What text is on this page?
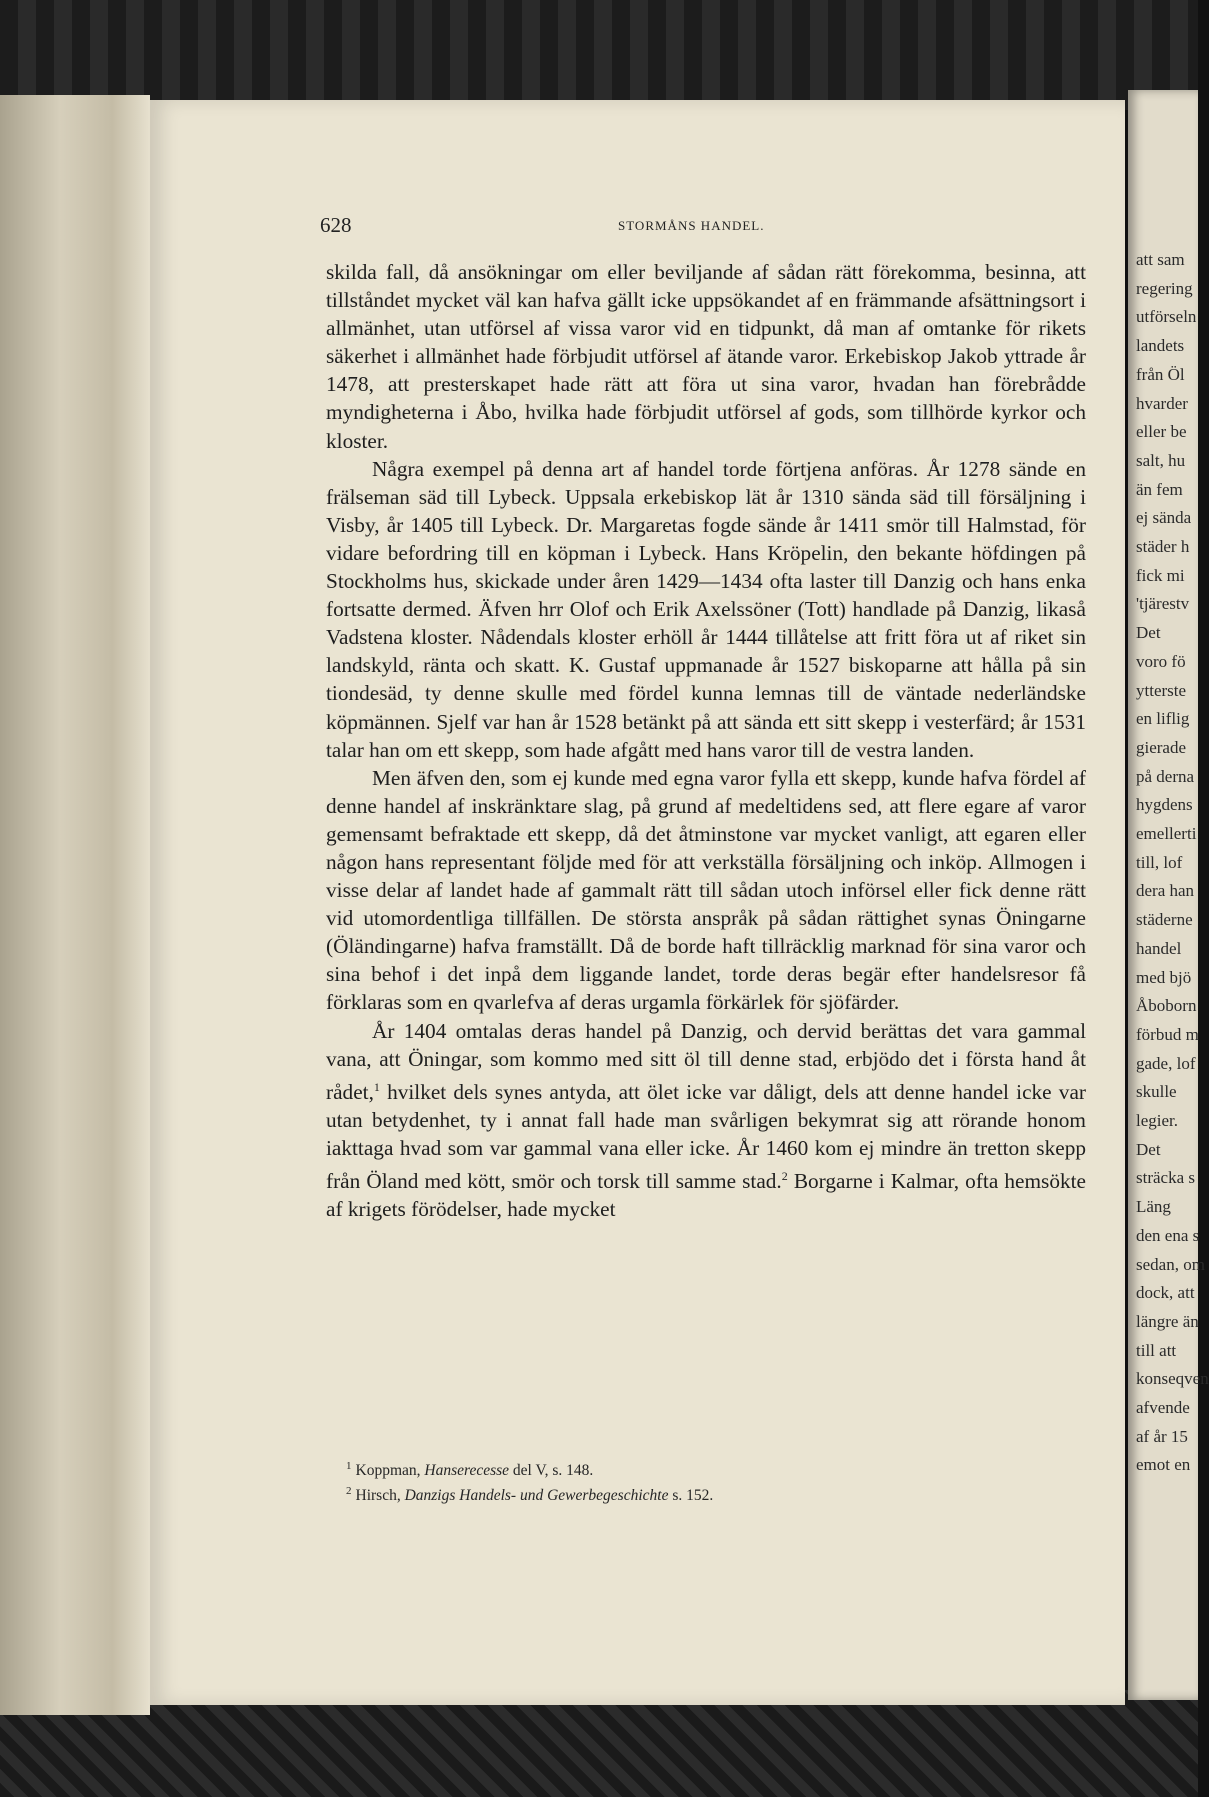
att sam
regering
utförseln
landets
från Öl
hvarder
eller be
salt, hu
än fem
ej sända
städer h
fick mi
'tjärestv
Det
voro fö
ytterste
en liflig
gierade
på derna
hygdens
emellerti
till, lof
dera han
städerne
handel
med bjö
Åboborn
förbud m
gade, lof
skulle
legier.
Det
sträcka s
Läng
den ena s
sedan, om
dock, att
längre än
till att
konseqven
afvende
af år 15
emot en
628	STORMÅNS HANDEL.

skilda fall, då ansökningar om eller beviljande af sådan rätt förekomma, besinna, att tillståndet mycket väl kan hafva gällt icke uppsökandet af en främmande afsättningsort i allmänhet, utan utförsel af vissa varor vid en tidpunkt, då man af omtanke för rikets säkerhet i allmänhet hade förbjudit utförsel af ätande varor. Erkebiskop Jakob yttrade år 1478, att presterskapet hade rätt att föra ut sina varor, hvadan han förebrådde myndigheterna i Åbo, hvilka hade förbjudit utförsel af gods, som tillhörde kyrkor och kloster.

Några exempel på denna art af handel torde förtjena anföras. År 1278 sände en frälseman säd till Lybeck. Uppsala erkebiskop lät år 1310 sända säd till försäljning i Visby, år 1405 till Lybeck. Dr. Margaretas fogde sände år 1411 smör till Halmstad, för vidare befordring till en köpman i Lybeck. Hans Kröpelin, den bekante höfdingen på Stockholms hus, skickade under åren 1429—1434 ofta laster till Danzig och hans enka fortsatte dermed. Äfven hrr Olof och Erik Axelssöner (Tott) handlade på Danzig, likaså Vadstena kloster. Nådendals kloster erhöll år 1444 tillåtelse att fritt föra ut af riket sin landskyld, ränta och skatt. K. Gustaf uppmanade år 1527 biskoparne att hålla på sin tiondesäd, ty denne skulle med fördel kunna lemnas till de väntade nederländske köpmännen. Sjelf var han år 1528 betänkt på att sända ett sitt skepp i vesterfärd; år 1531 talar han om ett skepp, som hade afgått med hans varor till de vestra landen.

Men äfven den, som ej kunde med egna varor fylla ett skepp, kunde hafva fördel af denne handel af inskränktare slag, på grund af medeltidens sed, att flere egare af varor gemensamt befraktade ett skepp, då det åtminstone var mycket vanligt, att egaren eller någon hans representant följde med för att verkställa försäljning och inköp. Allmogen i visse delar af landet hade af gammalt rätt till sådan utoch införsel eller fick denne rätt vid utomordentliga tillfällen. De största anspråk på sådan rättighet synas Öningarne (Öländingarne) hafva framställt. Då de borde haft tillräcklig marknad för sina varor och sina behof i det inpå dem liggande landet, torde deras begär efter handelsresor få förklaras som en qvarlefva af deras urgamla förkärlek för sjöfärder.

År 1404 omtalas deras handel på Danzig, och dervid berättas det vara gammal vana, att Öningar, som kommo med sitt öl till denne stad, erbjödo det i första hand åt rådet,$^1$ hvilket dels synes antyda, att ölet icke var dåligt, dels att denne handel icke var utan betydenhet, ty i annat fall hade man svårligen bekymrat sig att rörande honom iakttaga hvad som var gammal vana eller icke. År 1460 kom ej mindre än tretton skepp från Öland med kött, smör och torsk till samme stad.$^2$ Borgarne i Kalmar, ofta hemsökte af krigets förödelser, hade mycket

$^1$ Koppman, Hanserecesse del V, s. 148.
$^2$ Hirsch, Danzigs Handels- und Gewerbegeschichte s. 152.
